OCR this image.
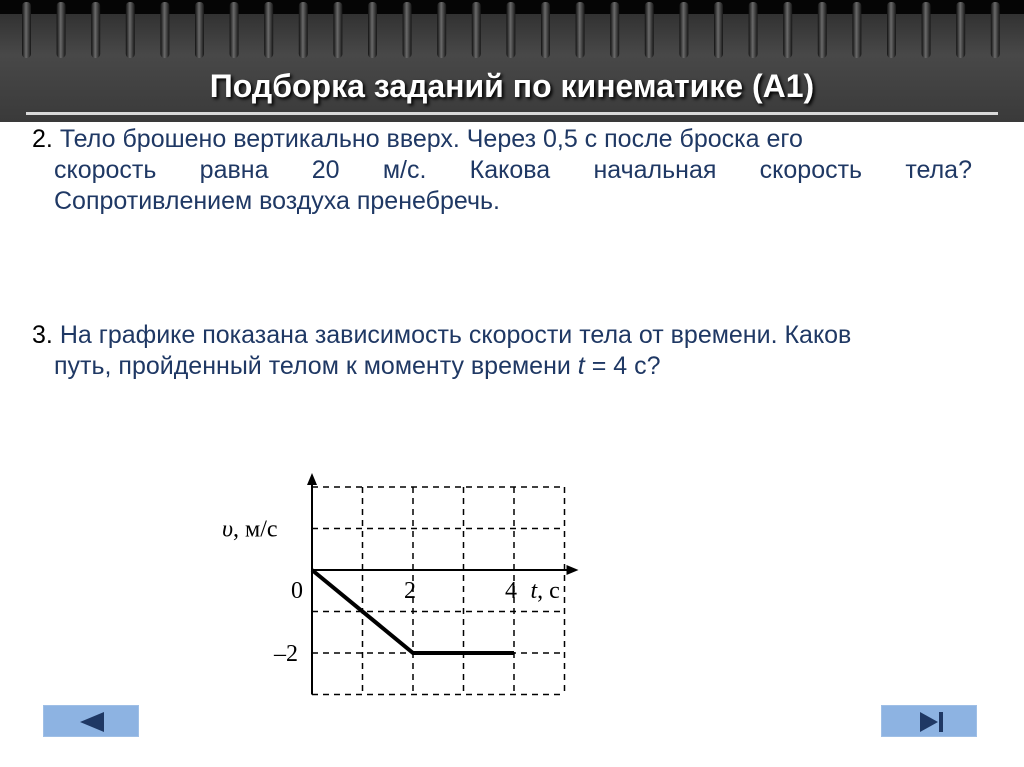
Подборка заданий по кинематике (А1)
2. Тело брошено вертикально вверх. Через 0,5 с после броска его
скорость равна 20 м/с. Какова начальная скорость тела?
Сопротивлением воздуха пренебречь.
3. На графике показана зависимость скорости тела от времени. Каков
путь, пройденный телом к моменту времени t = 4 с?
0	2	4
–2
t, с
υ, м/с
